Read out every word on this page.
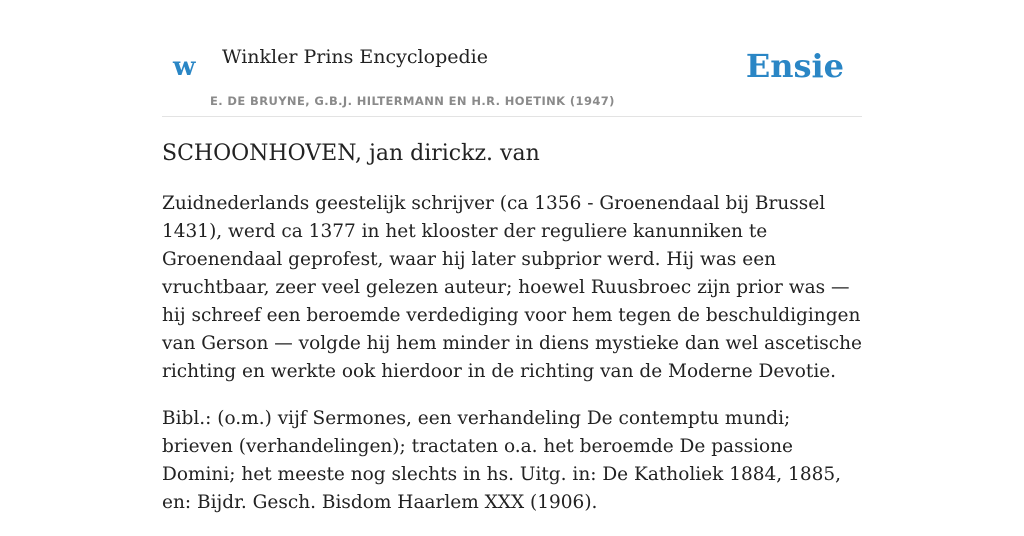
w Winkler Prins Encyclopedie
E. DE BRUYNE, G.B.J. HILTERMANN EN H.R. HOETINK (1947)
Ensie
SCHOONHOVEN, jan dirickz. van

Zuidnederlands geestelijk schrijver (ca 1356 - Groenendaal bij Brussel 1431), werd ca 1377 in het klooster der reguliere kanunniken te Groenendaal geprofest, waar hij later subprior werd. Hij was een vruchtbaar, zeer veel gelezen auteur; hoewel Ruusbroec zijn prior was — hij schreef een beroemde verdediging voor hem tegen de beschuldigingen van Gerson — volgde hij hem minder in diens mystieke dan wel ascetische richting en werkte ook hierdoor in de richting van de Moderne Devotie.

Bibl.: (o.m.) vijf Sermones, een verhandeling De contemptu mundi; brieven (verhandelingen); tractaten o.a. het beroemde De passione Domini; het meeste nog slechts in hs. Uitg. in: De Katholiek 1884, 1885, en: Bijdr. Gesch. Bisdom Haarlem XXX (1906).
